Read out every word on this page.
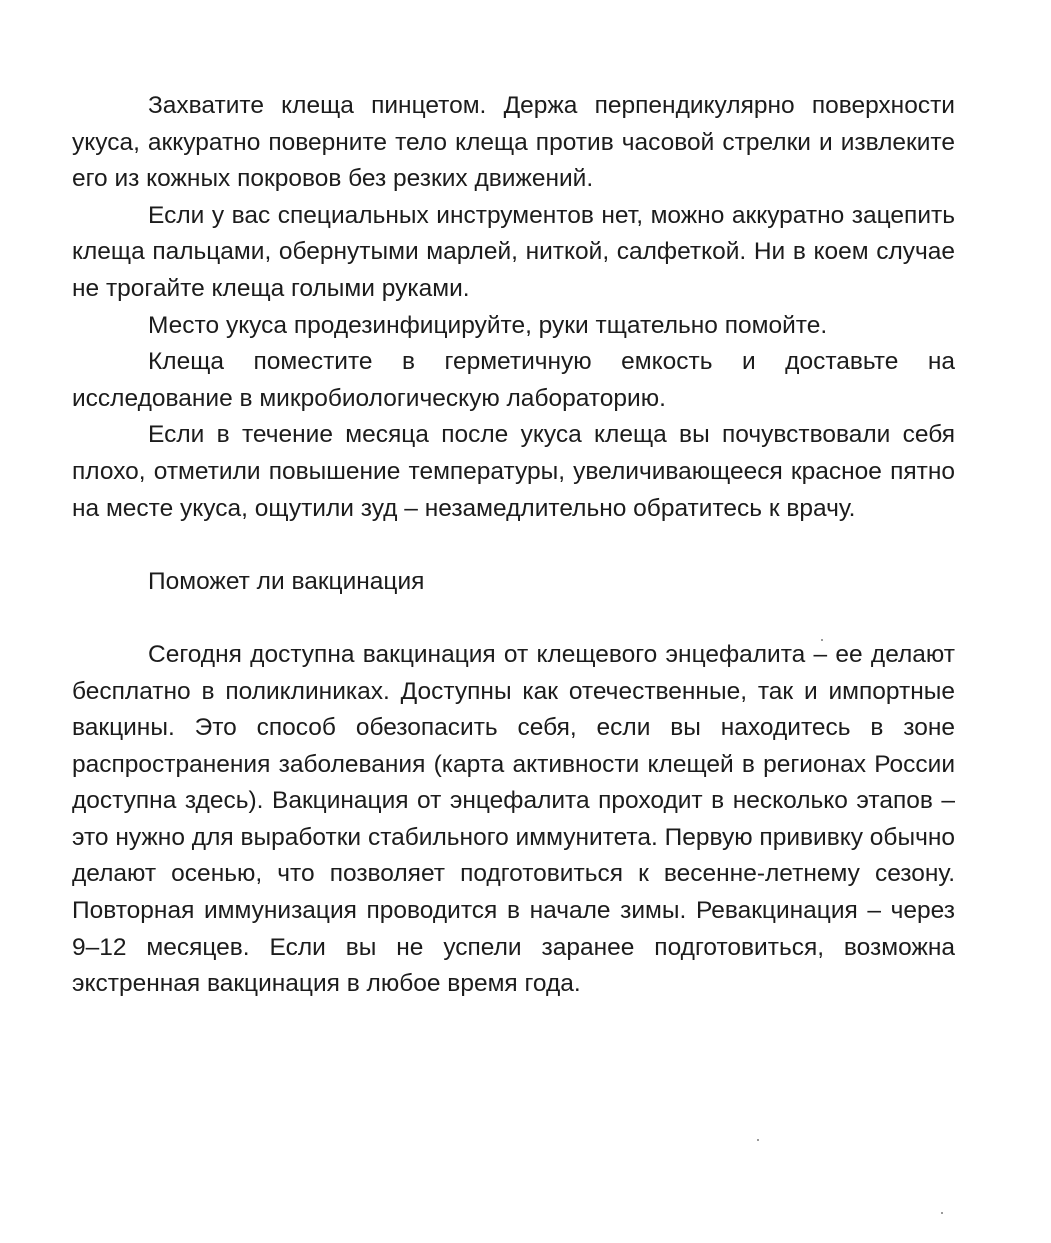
Захватите клеща пинцетом. Держа перпендикулярно поверхности укуса, аккуратно поверните тело клеща против часовой стрелки и извлеките его из кожных покровов без резких движений.

Если у вас специальных инструментов нет, можно аккуратно зацепить клеща пальцами, обернутыми марлей, ниткой, салфеткой. Ни в коем случае не трогайте клеща голыми руками.

Место укуса продезинфицируйте, руки тщательно помойте.

Клеща поместите в герметичную емкость и доставьте на исследование в микробиологическую лабораторию.

Если в течение месяца после укуса клеща вы почувствовали себя плохо, отметили повышение температуры, увеличивающееся красное пятно на месте укуса, ощутили зуд – незамедлительно обратитесь к врачу.

Поможет ли вакцинация

Сегодня доступна вакцинация от клещевого энцефалита – ее делают бесплатно в поликлиниках. Доступны как отечественные, так и импортные вакцины. Это способ обезопасить себя, если вы находитесь в зоне распространения заболевания (карта активности клещей в регионах России доступна здесь). Вакцинация от энцефалита проходит в несколько этапов – это нужно для выработки стабильного иммунитета. Первую прививку обычно делают осенью, что позволяет подготовиться к весенне-летнему сезону. Повторная иммунизация проводится в начале зимы. Ревакцинация – через 9–12 месяцев. Если вы не успели заранее подготовиться, возможна экстренная вакцинация в любое время года.
